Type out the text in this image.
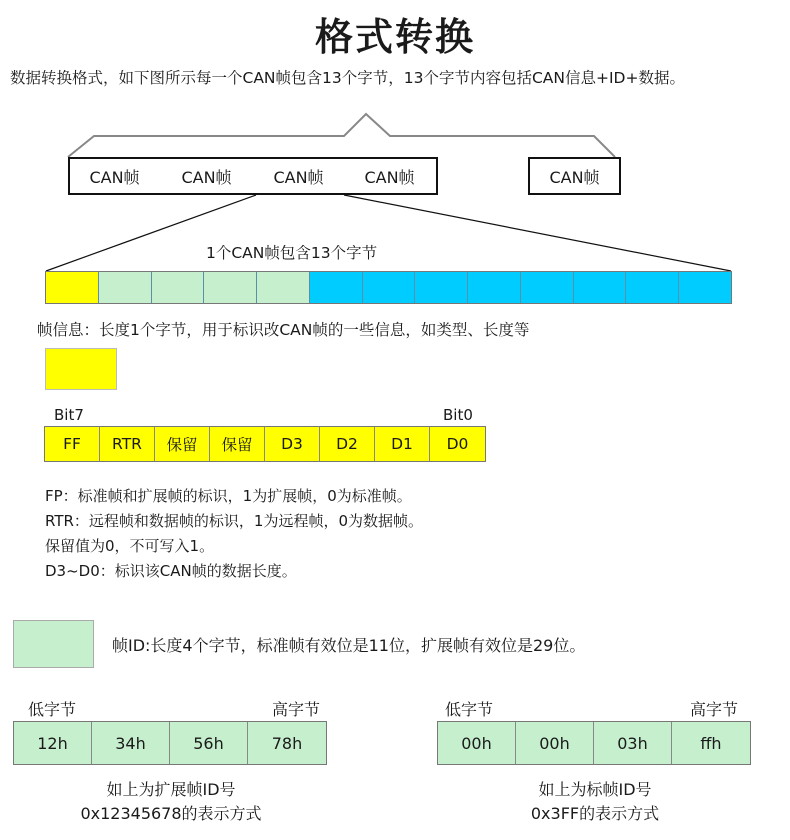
格式转换
数据转换格式，如下图所示每一个CAN帧包含13个字节，13个字节内容包括CAN信息+ID+数据。
CAN帧	CAN帧	CAN帧	CAN帧	CAN帧
1个CAN帧包含13个字节
帧信息：长度1个字节，用于标识改CAN帧的一些信息，如类型、长度等
Bit7	Bit0
FF	RTR	保留	保留	D3	D2	D1	D0
FP：标准帧和扩展帧的标识，1为扩展帧，0为标准帧。
RTR：远程帧和数据帧的标识，1为远程帧，0为数据帧。
保留值为0，不可写入1。
D3~D0：标识该CAN帧的数据长度。
帧ID:长度4个字节，标准帧有效位是11位，扩展帧有效位是29位。
低字节	高字节
12h	34h	56h	78h
如上为扩展帧ID号
0x12345678的表示方式
低字节	高字节
00h	00h	03h	ffh
如上为标帧ID号
0x3FF的表示方式
